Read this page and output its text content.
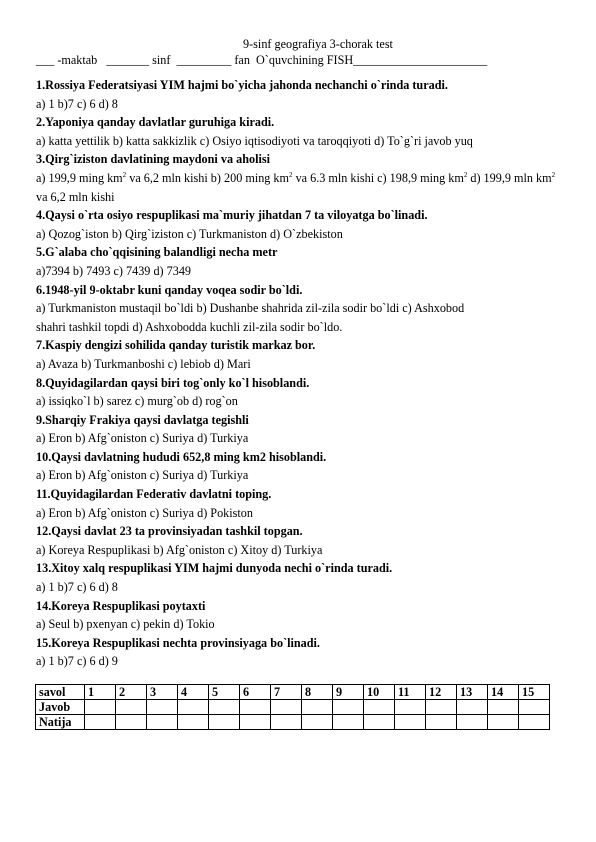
9-sinf geografiya 3-chorak test
___ -maktab   _______ sinf  _________ fan  O`quvchining FISH______________________
1.Rossiya Federatsiyasi YIM hajmi bo`yicha jahonda nechanchi o`rinda turadi.
a) 1 b)7 c) 6 d) 8
2.Yaponiya qanday davlatlar guruhiga kiradi.
a) katta yettilik b) katta sakkizlik c) Osiyo iqtisodiyoti va taroqqiyoti d) To`g`ri javob yuq
3.Qirg`iziston davlatining maydoni va aholisi
a) 199,9 ming $km^2$ va 6,2 mln kishi b) 200 ming $km^2$ va 6.3 mln kishi c) 198,9 ming $km^2$ d) 199,9 mln $km^2$ va 6,2 mln kishi
4.Qaysi o`rta osiyo respuplikasi ma`muriy jihatdan 7 ta viloyatga bo`linadi.
a) Qozog`iston b) Qirg`iziston c) Turkmaniston d) O`zbekiston
5.G`alaba cho`qqisining balandligi necha metr
a)7394 b) 7493 c) 7439 d) 7349
6.1948-yil 9-oktabr kuni qanday voqea sodir bo`ldi.
a) Turkmaniston mustaqil bo`ldi b) Dushanbe shahrida zil-zila sodir bo`ldi c) Ashxobod
shahri tashkil topdi d) Ashxobodda kuchli zil-zila sodir bo`ldo.
7.Kaspiy dengizi sohilida qanday turistik markaz bor.
a) Avaza b) Turkmanboshi c) lebiob d) Mari
8.Quyidagilardan qaysi biri tog`only ko`l hisoblandi.
a) issiqko`l b) sarez c) murg`ob d) rog`on
9.Sharqiy Frakiya qaysi davlatga tegishli
a) Eron b) Afg`oniston c) Suriya d) Turkiya
10.Qaysi davlatning hududi 652,8 ming km2 hisoblandi.
a) Eron b) Afg`oniston c) Suriya d) Turkiya
11.Quyidagilardan Federativ davlatni toping.
a) Eron b) Afg`oniston c) Suriya d) Pokiston
12.Qaysi davlat 23 ta provinsiyadan tashkil topgan.
a) Koreya Respuplikasi b) Afg`oniston c) Xitoy d) Turkiya
13.Xitoy xalq respuplikasi YIM hajmi dunyoda nechi o`rinda turadi.
a) 1 b)7 c) 6 d) 8
14.Koreya Respuplikasi poytaxti
a) Seul b) pxenyan c) pekin d) Tokio
15.Koreya Respuplikasi nechta provinsiyaga bo`linadi.
a) 1 b)7 c) 6 d) 9
savol	1	2	3	4	5	6	7	8	9	10	11	12	13	14	15
Javob															
Natija															
